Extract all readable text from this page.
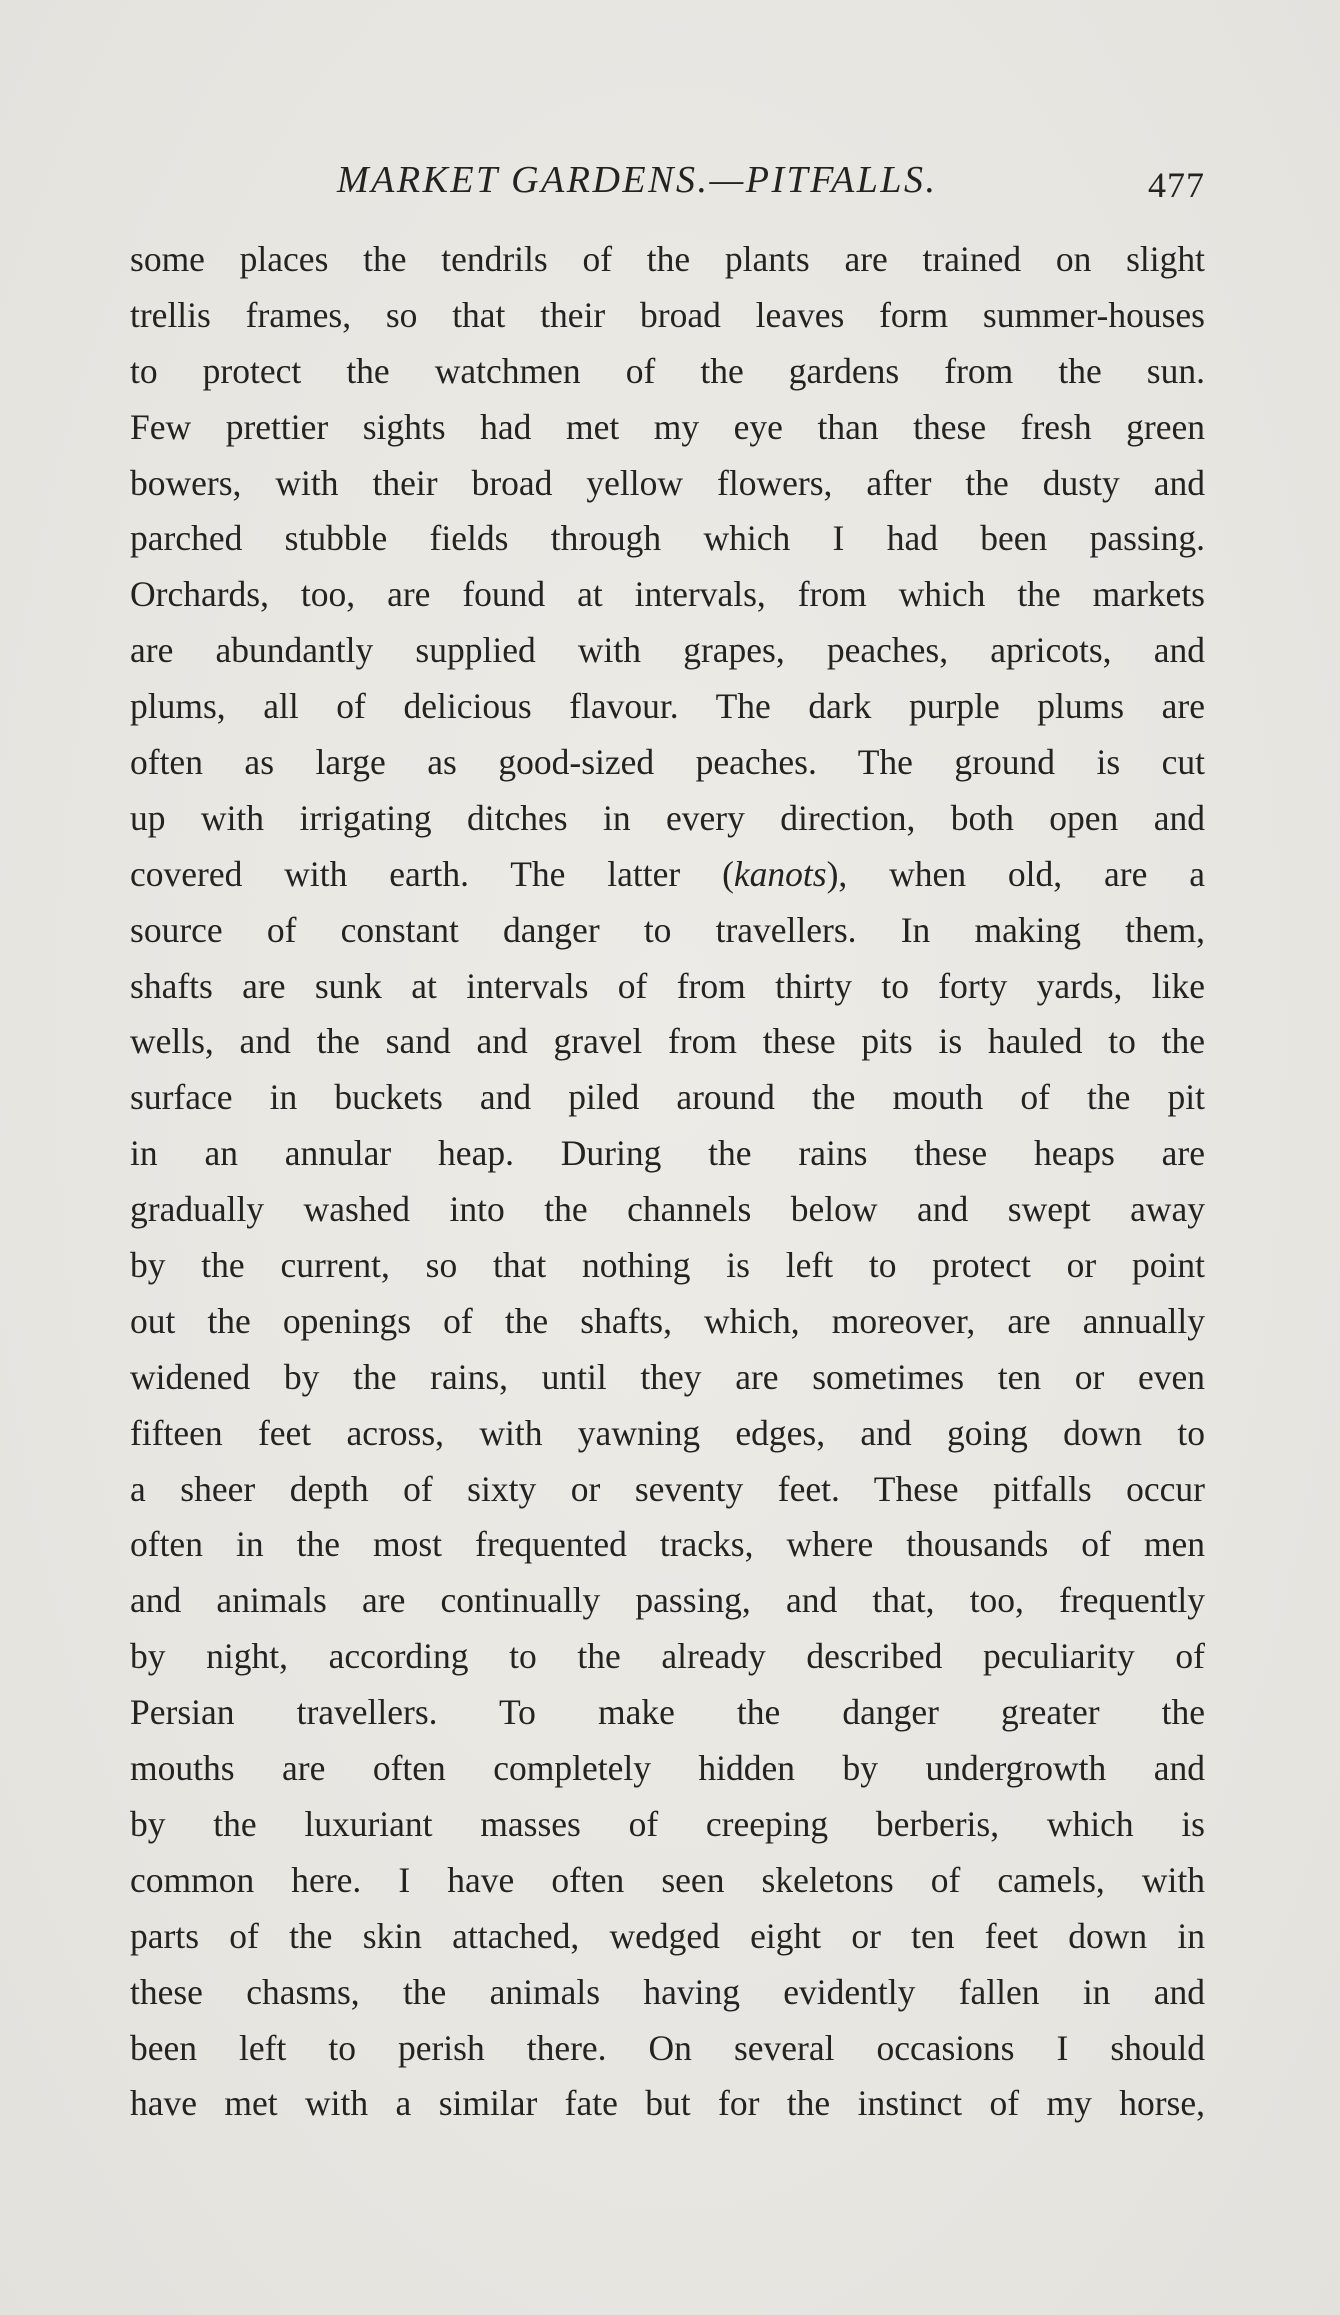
MARKET GARDENS.—PITFALLS.	477
some places the tendrils of the plants are trained on slight
trellis frames, so that their broad leaves form summer-houses
to protect the watchmen of the gardens from the sun.
Few prettier sights had met my eye than these fresh green
bowers, with their broad yellow flowers, after the dusty and
parched stubble fields through which I had been passing.
Orchards, too, are found at intervals, from which the markets
are abundantly supplied with grapes, peaches, apricots, and
plums, all of delicious flavour. The dark purple plums are
often as large as good-sized peaches. The ground is cut
up with irrigating ditches in every direction, both open and
covered with earth. The latter (kanots), when old, are a
source of constant danger to travellers. In making them,
shafts are sunk at intervals of from thirty to forty yards, like
wells, and the sand and gravel from these pits is hauled to the
surface in buckets and piled around the mouth of the pit
in an annular heap. During the rains these heaps are
gradually washed into the channels below and swept away
by the current, so that nothing is left to protect or point
out the openings of the shafts, which, moreover, are annually
widened by the rains, until they are sometimes ten or even
fifteen feet across, with yawning edges, and going down to
a sheer depth of sixty or seventy feet. These pitfalls occur
often in the most frequented tracks, where thousands of men
and animals are continually passing, and that, too, frequently
by night, according to the already described peculiarity of
Persian travellers. To make the danger greater the
mouths are often completely hidden by undergrowth and
by the luxuriant masses of creeping berberis, which is
common here. I have often seen skeletons of camels, with
parts of the skin attached, wedged eight or ten feet down in
these chasms, the animals having evidently fallen in and
been left to perish there. On several occasions I should
have met with a similar fate but for the instinct of my horse,
